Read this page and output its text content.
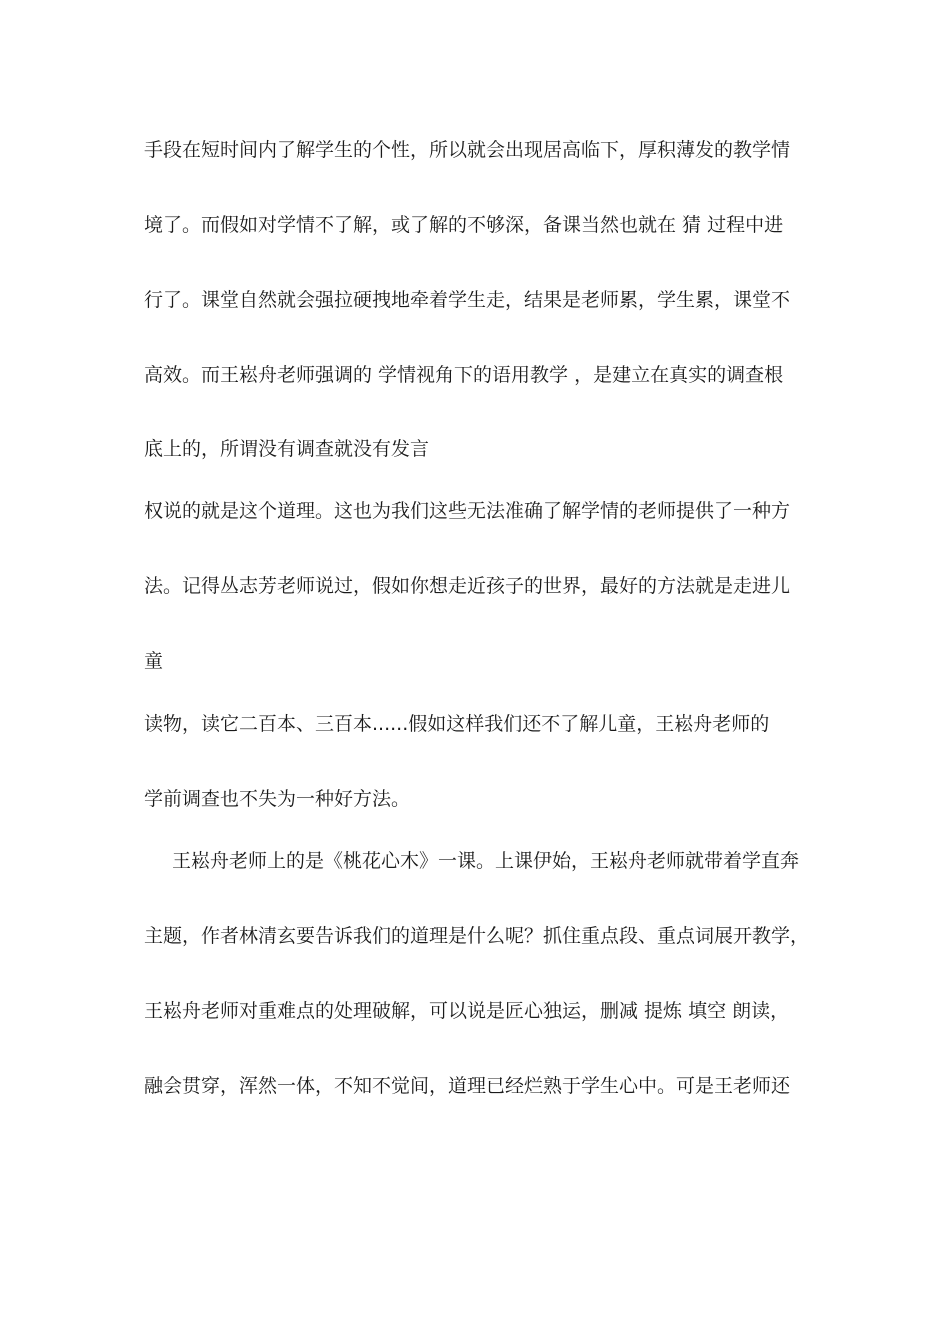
手段在短时间内了解学生的个性，所以就会出现居高临下，厚积薄发的教学情
境了。而假如对学情不了解，或了解的不够深，备课当然也就在 猜 过程中进
行了。课堂自然就会强拉硬拽地牵着学生走，结果是老师累，学生累，课堂不
高效。而王崧舟老师强调的 学情视角下的语用教学 ，是建立在真实的调查根
底上的，所谓没有调查就没有发言
权说的就是这个道理。这也为我们这些无法准确了解学情的老师提供了一种方
法。记得丛志芳老师说过，假如你想走近孩子的世界，最好的方法就是走进儿
童
读物，读它二百本、三百本......假如这样我们还不了解儿童，王崧舟老师的
学前调查也不失为一种好方法。
王崧舟老师上的是《桃花心木》一课。上课伊始，王崧舟老师就带着学直奔
主题，作者林清玄要告诉我们的道理是什么呢？抓住重点段、重点词展开教学，
王崧舟老师对重难点的处理破解，可以说是匠心独运，删减 提炼 填空 朗读，
融会贯穿，浑然一体，不知不觉间，道理已经烂熟于学生心中。可是王老师还
